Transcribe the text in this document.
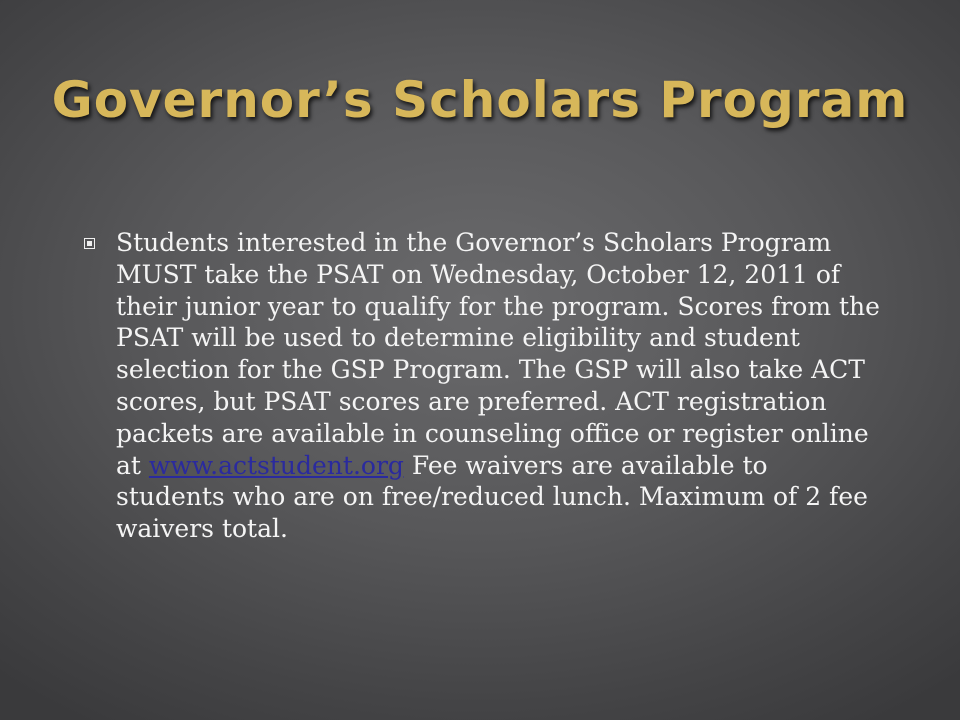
Governor’s Scholars Program

Students interested in the Governor’s Scholars Program MUST take the PSAT on Wednesday, October 12, 2011 of their junior year to qualify for the program. Scores from the PSAT will be used to determine eligibility and student selection for the GSP Program. The GSP will also take ACT scores, but PSAT scores are preferred. ACT registration packets are available in counseling office or register online at www.actstudent.org Fee waivers are available to students who are on free/reduced lunch. Maximum of 2 fee waivers total.
